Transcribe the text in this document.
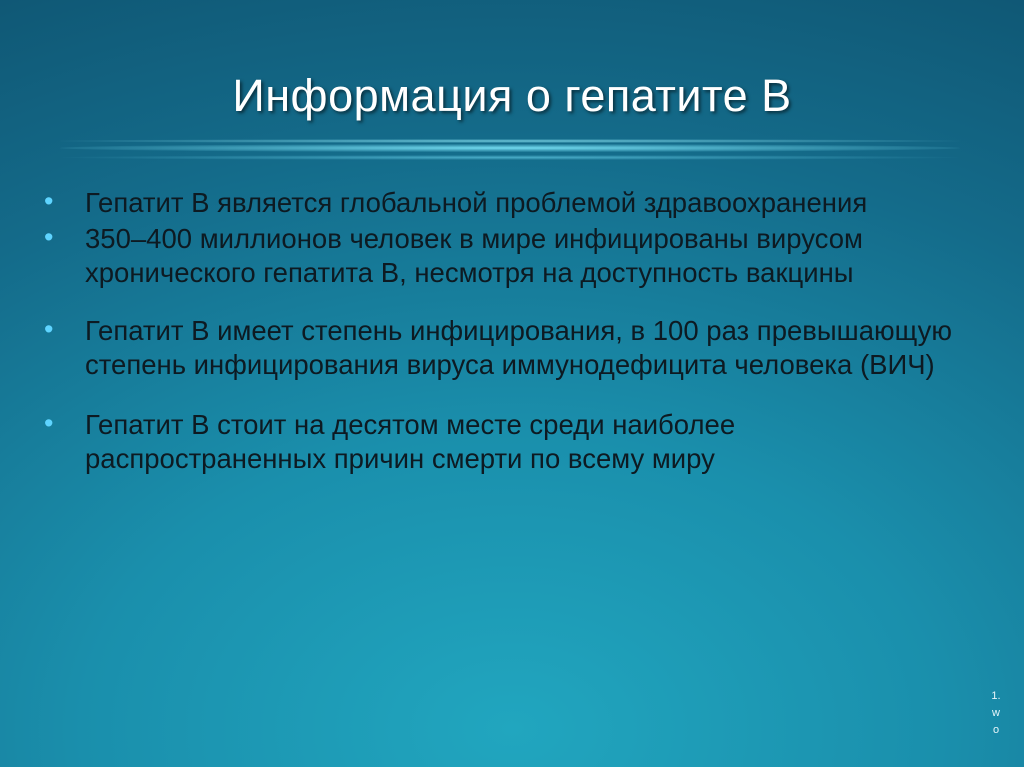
Информация о гепатите В
• Гепатит В является глобальной проблемой здравоохранения
• 350–400 миллионов человек в мире инфицированы вирусом хронического гепатита В, несмотря на доступность вакцины
• Гепатит В имеет степень инфицирования, в 100 раз превышающую степень инфицирования вируса иммунодефицита человека (ВИЧ)
• Гепатит В стоит на десятом месте среди наиболее распространенных причин смерти по всему миру
1.wo
